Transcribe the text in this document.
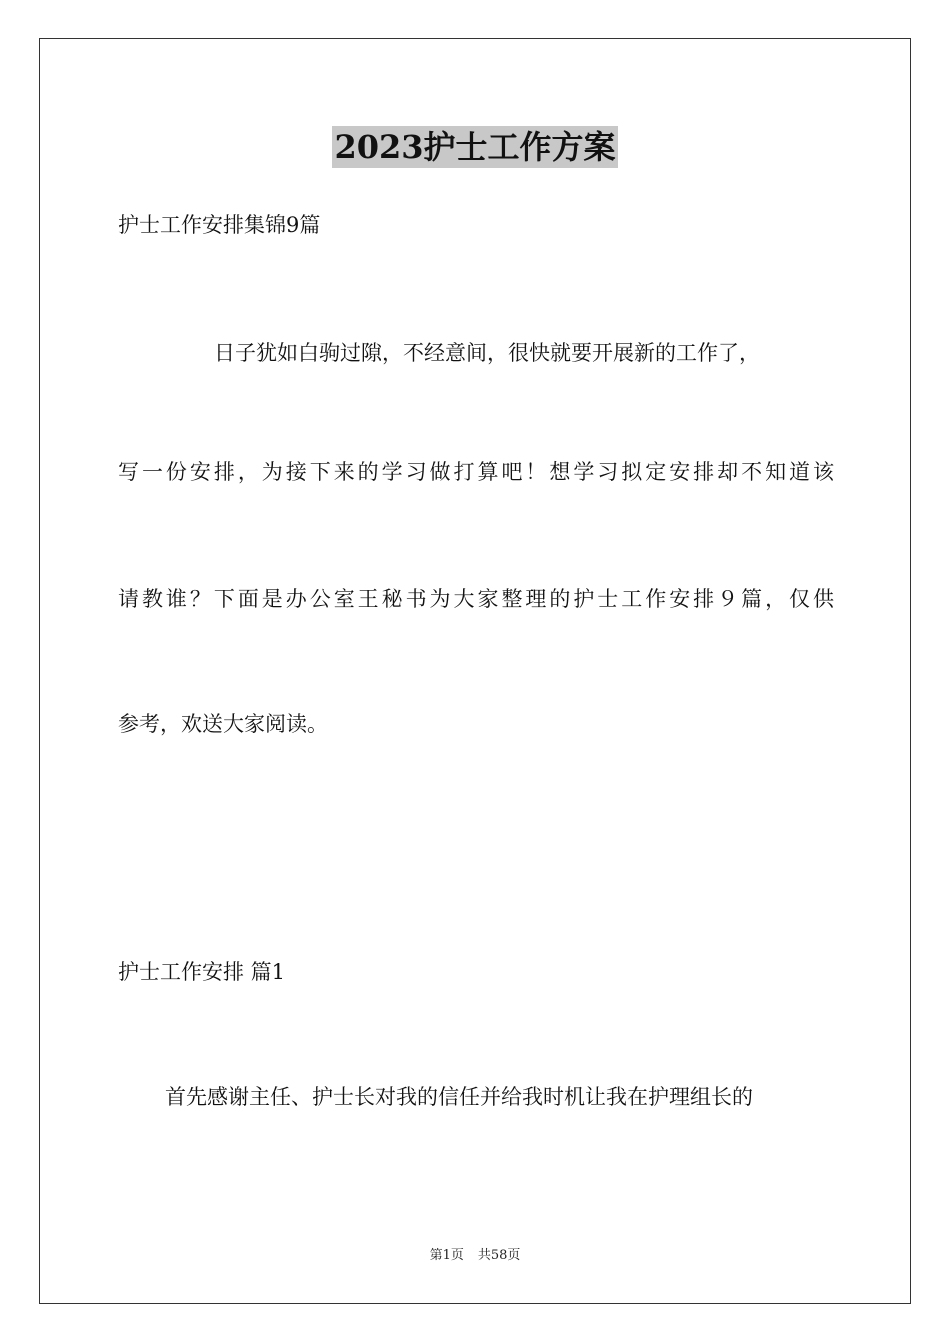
2023护士工作方案
护士工作安排集锦9篇
日子犹如白驹过隙，不经意间，很快就要开展新的工作了，
写一份安排，为接下来的学习做打算吧！想学习拟定安排却不知道该
请教谁？下面是办公室王秘书为大家整理的护士工作安排９篇，仅供
参考，欢送大家阅读。
护士工作安排 篇1
首先感谢主任、护士长对我的信任并给我时机让我在护理组长的
第1页 共58页
